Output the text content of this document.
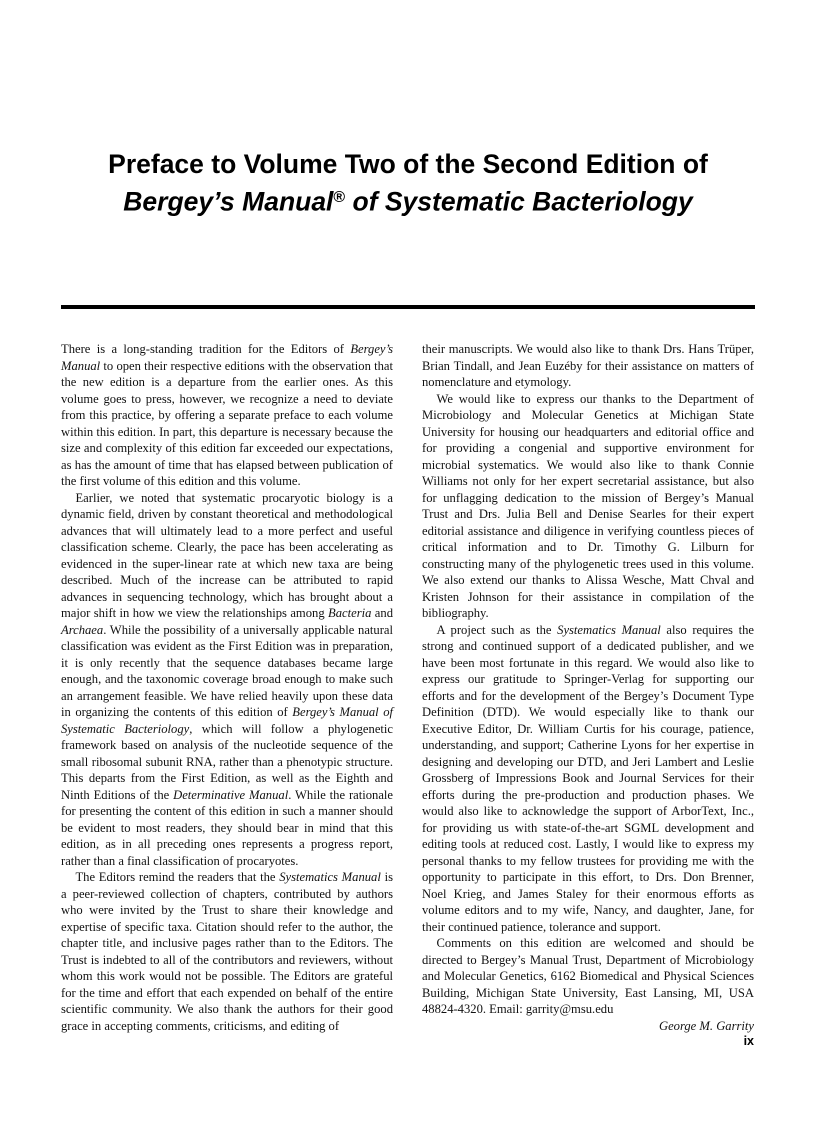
Preface to Volume Two of the Second Edition of
Bergey’s Manual® of Systematic Bacteriology

There is a long-standing tradition for the Editors of Bergey’s Manual to open their respective editions with the observation that the new edition is a departure from the earlier ones. As this volume goes to press, however, we recognize a need to deviate from this practice, by offering a separate preface to each volume within this edition. In part, this departure is necessary because the size and complexity of this edition far exceeded our expectations, as has the amount of time that has elapsed between publication of the first volume of this edition and this volume.

Earlier, we noted that systematic procaryotic biology is a dynamic field, driven by constant theoretical and methodological advances that will ultimately lead to a more perfect and useful classification scheme. Clearly, the pace has been accelerating as evidenced in the super-linear rate at which new taxa are being described. Much of the increase can be attributed to rapid advances in sequencing technology, which has brought about a major shift in how we view the relationships among Bacteria and Archaea. While the possibility of a universally applicable natural classification was evident as the First Edition was in preparation, it is only recently that the sequence databases became large enough, and the taxonomic coverage broad enough to make such an arrangement feasible. We have relied heavily upon these data in organizing the contents of this edition of Bergey’s Manual of Systematic Bacteriology, which will follow a phylogenetic framework based on analysis of the nucleotide sequence of the small ribosomal subunit RNA, rather than a phenotypic structure. This departs from the First Edition, as well as the Eighth and Ninth Editions of the Determinative Manual. While the rationale for presenting the content of this edition in such a manner should be evident to most readers, they should bear in mind that this edition, as in all preceding ones represents a progress report, rather than a final classification of procaryotes.

The Editors remind the readers that the Systematics Manual is a peer-reviewed collection of chapters, contributed by authors who were invited by the Trust to share their knowledge and expertise of specific taxa. Citation should refer to the author, the chapter title, and inclusive pages rather than to the Editors. The Trust is indebted to all of the contributors and reviewers, without whom this work would not be possible. The Editors are grateful for the time and effort that each expended on behalf of the entire scientific community. We also thank the authors for their good grace in accepting comments, criticisms, and editing of

their manuscripts. We would also like to thank Drs. Hans Trüper, Brian Tindall, and Jean Euzéby for their assistance on matters of nomenclature and etymology.

We would like to express our thanks to the Department of Microbiology and Molecular Genetics at Michigan State University for housing our headquarters and editorial office and for providing a congenial and supportive environment for microbial systematics. We would also like to thank Connie Williams not only for her expert secretarial assistance, but also for unflagging dedication to the mission of Bergey’s Manual Trust and Drs. Julia Bell and Denise Searles for their expert editorial assistance and diligence in verifying countless pieces of critical information and to Dr. Timothy G. Lilburn for constructing many of the phylogenetic trees used in this volume. We also extend our thanks to Alissa Wesche, Matt Chval and Kristen Johnson for their assistance in compilation of the bibliography.

A project such as the Systematics Manual also requires the strong and continued support of a dedicated publisher, and we have been most fortunate in this regard. We would also like to express our gratitude to Springer-Verlag for supporting our efforts and for the development of the Bergey’s Document Type Definition (DTD). We would especially like to thank our Executive Editor, Dr. William Curtis for his courage, patience, understanding, and support; Catherine Lyons for her expertise in designing and developing our DTD, and Jeri Lambert and Leslie Grossberg of Impressions Book and Journal Services for their efforts during the pre-production and production phases. We would also like to acknowledge the support of ArborText, Inc., for providing us with state-of-the-art SGML development and editing tools at reduced cost. Lastly, I would like to express my personal thanks to my fellow trustees for providing me with the opportunity to participate in this effort, to Drs. Don Brenner, Noel Krieg, and James Staley for their enormous efforts as volume editors and to my wife, Nancy, and daughter, Jane, for their continued patience, tolerance and support.

Comments on this edition are welcomed and should be directed to Bergey’s Manual Trust, Department of Microbiology and Molecular Genetics, 6162 Biomedical and Physical Sciences Building, Michigan State University, East Lansing, MI, USA 48824-4320. Email: garrity@msu.edu

George M. Garrity

ix
